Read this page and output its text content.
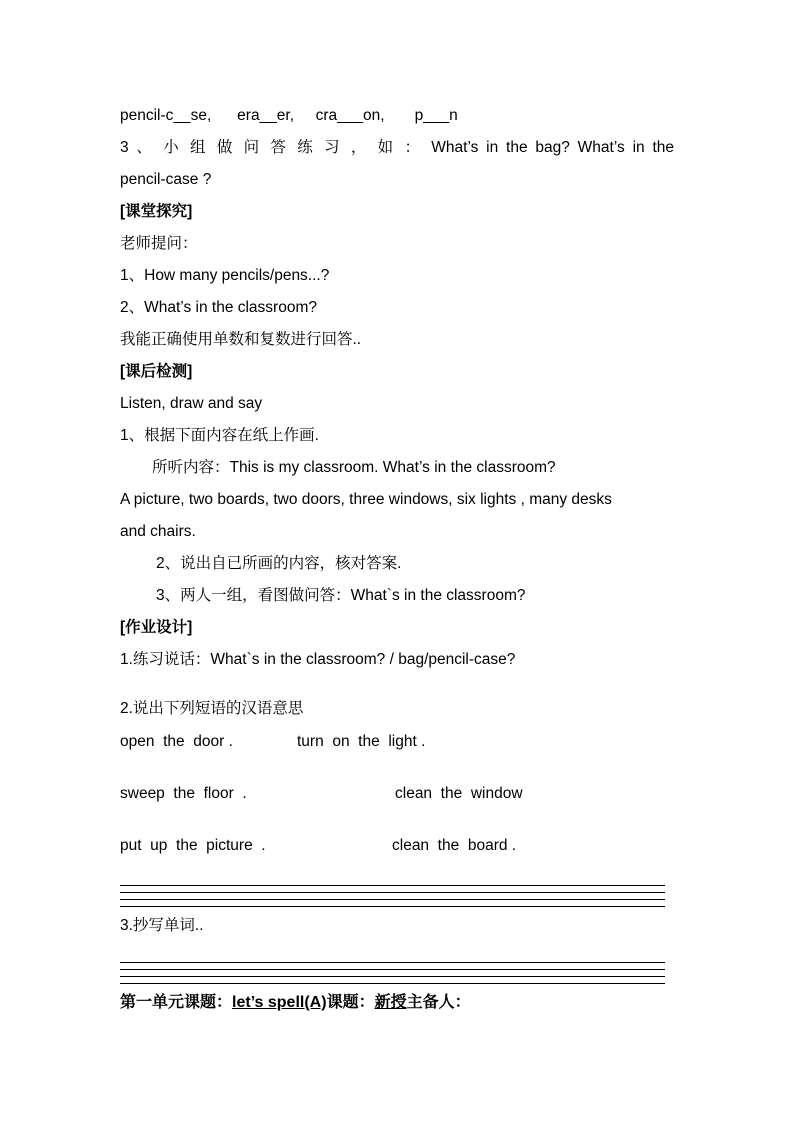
pencil-c__se,      era__er,     cra___on,       p___n
3 、 小 组 做 问 答 练 习 ， 如 ： What’s in the bag? What’s in the
pencil-case ?
[课堂探究]
老师提问：
1、How many pencils/pens...?
2、What’s in the classroom?
我能正确使用单数和复数进行回答..
[课后检测]
Listen, draw and say
1、根据下面内容在纸上作画.
所听内容：This is my classroom. What’s in the classroom?
A picture, two boards, two doors, three windows, six lights , many desks
and chairs.
2、说出自已所画的内容，核对答案.
3、两人一组，看图做问答：What`s in the classroom?
[作业设计]
1.练习说话：What`s in the classroom? / bag/pencil-case?
2.说出下列短语的汉语意思
open  the  door .	turn  on  the  light .
sweep  the  floor  .	clean  the  window
put  up  the  picture  .	clean  the  board .
3.抄写单词..
第一单元课题：let’s spell(A)课题：新授主备人：
